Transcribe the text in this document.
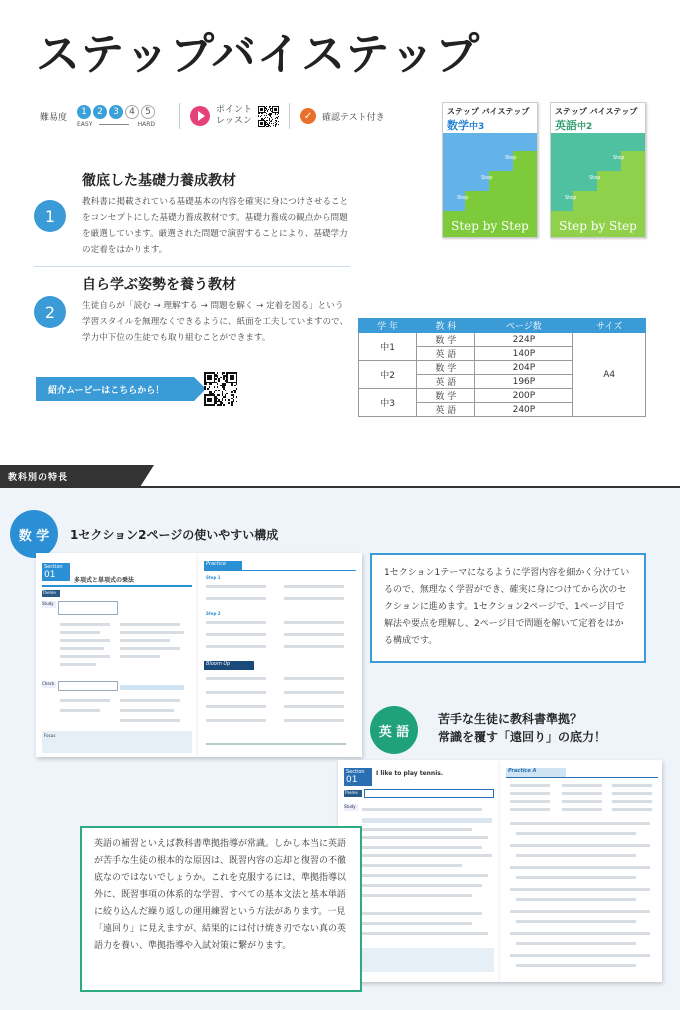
ステップバイステップ
難易度
1	2	3	4	5
EASY	HARD
ポイント
レッスン	✓	確認テスト付き
ステップ バイステップ
数学中3
Step
Step
Step
Step by Step
ステップ バイステップ
英語中2
Step
Step
Step
Step by Step
1
徹底した基礎力養成教材

教科書に掲載されている基礎基本の内容を確実に身につけさせることをコンセプトにした基礎力養成教材です。基礎力養成の観点から問題を厳選しています。厳選された問題で演習することにより、基礎学力の定着をはかります。

2
自ら学ぶ姿勢を養う教材

生徒自らが「読む → 理解する → 問題を解く → 定着を図る」という学習スタイルを無理なくできるように、紙面を工夫していますので、学力中下位の生徒でも取り組むことができます。

紹介ムービーはこちらから！
学 年	教 科	ページ数	サイズ
中1	数 学	224P	A4
	英 語	140P	
中2	数 学	204P	
	英 語	196P	
中3	数 学	200P	
	英 語	240P	
教科別の特長
数 学	1セクション2ページの使いやすい構成
Section
01
多項式と単項式の乗法
Theme
Study
Check
Focus
Practice
Step 1
Step 2
Bloom Up
1セクション1テーマになるように学習内容を細かく分けているので、無理なく学習ができ、確実に身につけてから次のセクションに進めます。1セクション2ページで、1ページ目で解法や要点を理解し、2ページ目で問題を解いて定着をはかる構成です。
英 語
苦手な生徒に教科書準拠？
常識を覆す「遠回り」の底力！
Section
01
I like to play tennis.
Theme
Study
Practice A
英語の補習といえば教科書準拠指導が常識。しかし本当に英語が苦手な生徒の根本的な原因は、既習内容の忘却と復習の不徹底なのではないでしょうか。これを克服するには、準拠指導以外に、既習事項の体系的な学習、すべての基本文法と基本単語に絞り込んだ繰り返しの運用練習という方法があります。一見「遠回り」に見えますが、結果的には付け焼き刃でない真の英語力を養い、準拠指導や入試対策に繋がります。
